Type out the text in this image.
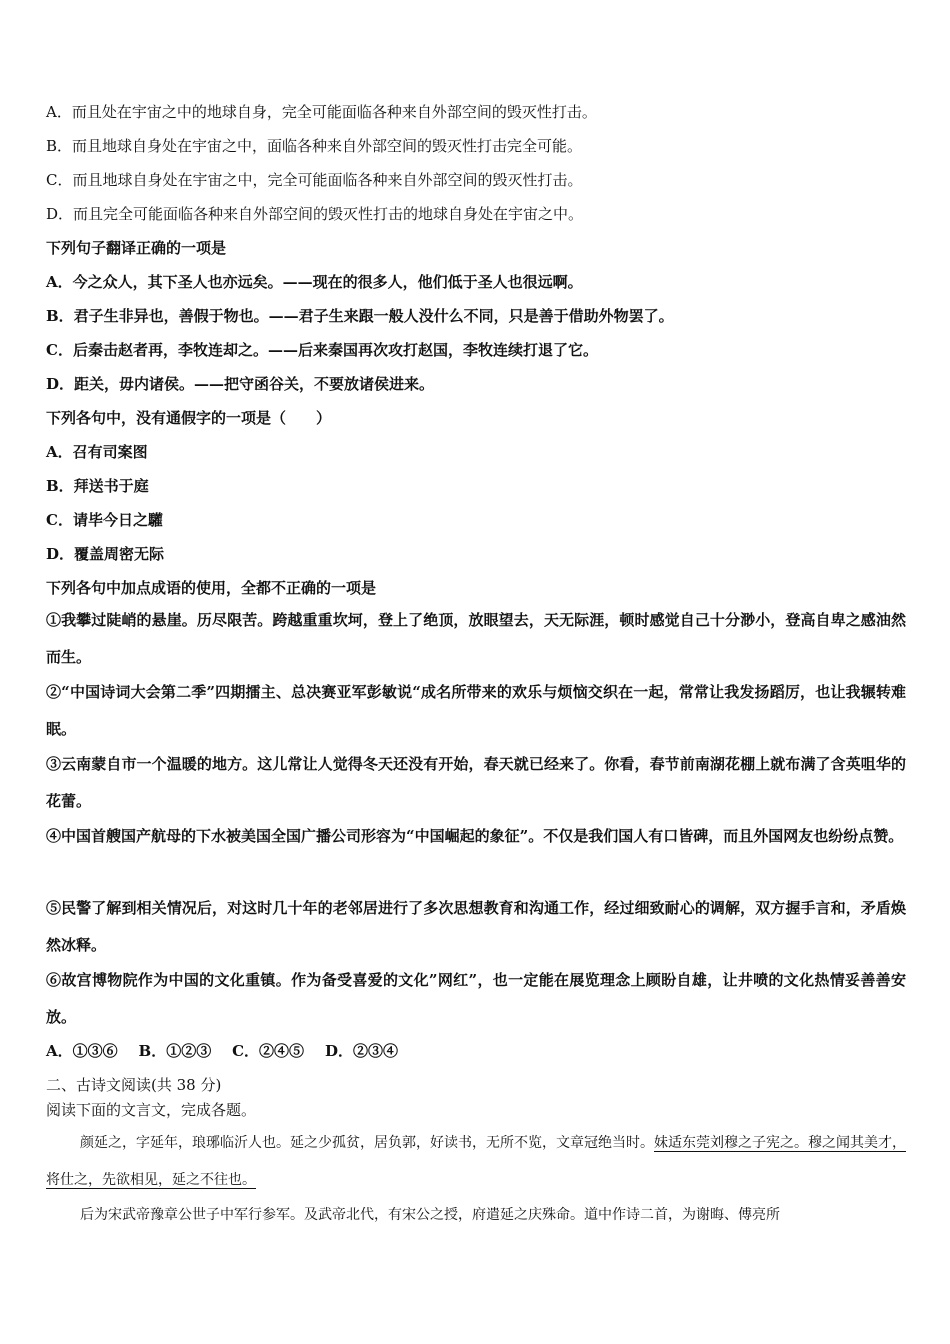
A．而且处在宇宙之中的地球自身，完全可能面临各种来自外部空间的毁灭性打击。
B．而且地球自身处在宇宙之中，面临各种来自外部空间的毁灭性打击完全可能。
C．而且地球自身处在宇宙之中，完全可能面临各种来自外部空间的毁灭性打击。
D．而且完全可能面临各种来自外部空间的毁灭性打击的地球自身处在宇宙之中。
下列句子翻译正确的一项是
A．今之众人，其下圣人也亦远矣。——现在的很多人，他们低于圣人也很远啊。
B．君子生非异也，善假于物也。——君子生来跟一般人没什么不同，只是善于借助外物罢了。
C．后秦击赵者再，李牧连却之。——后来秦国再次攻打赵国，李牧连续打退了它。
D．距关，毋内诸侯。——把守函谷关，不要放诸侯进来。
下列各句中，没有通假字的一项是（　　）
A．召有司案图
B．拜送书于庭
C．请毕今日之驩
D．覆盖周密无际
下列各句中加点成语的使用，全都不正确的一项是
①我攀过陡峭的悬崖。历尽限苦。跨越重重坎坷，登上了绝顶，放眼望去，天无际涯，顿时感觉自己十分渺小，登高自卑之感油然而生。
②“中国诗词大会第二季”四期擂主、总决赛亚军彭敏说“成名所带来的欢乐与烦恼交织在一起，常常让我发扬蹈厉，也让我辗转难眠。
③云南蒙自市一个温暖的地方。这儿常让人觉得冬天还没有开始，春天就已经来了。你看，春节前南湖花棚上就布满了含英咀华的花蕾。
④中国首艘国产航母的下水被美国全国广播公司形容为“中国崛起的象征”。不仅是我们国人有口皆碑，而且外国网友也纷纷点赞。
⑤民警了解到相关情况后，对这时几十年的老邻居进行了多次思想教育和沟通工作，经过细致耐心的调解，双方握手言和，矛盾焕然冰释。
⑥故宫博物院作为中国的文化重镇。作为备受喜爱的文化”网红”，也一定能在展览理念上顾盼自雄，让井喷的文化热情妥善善安放。
A．①③⑥ B．①②③ C．②④⑤ D．②③④
二、古诗文阅读(共 38 分)
阅读下面的文言文，完成各题。
颜延之，字延年，琅琊临沂人也。延之少孤贫，居负郭，好读书，无所不览，文章冠绝当时。妹适东莞刘穆之子宪之。穆之闻其美才，将仕之，先欲相见，延之不往也。
后为宋武帝豫章公世子中军行参军。及武帝北代，有宋公之授，府遣延之庆殊命。道中作诗二首，为谢晦、傅亮所
